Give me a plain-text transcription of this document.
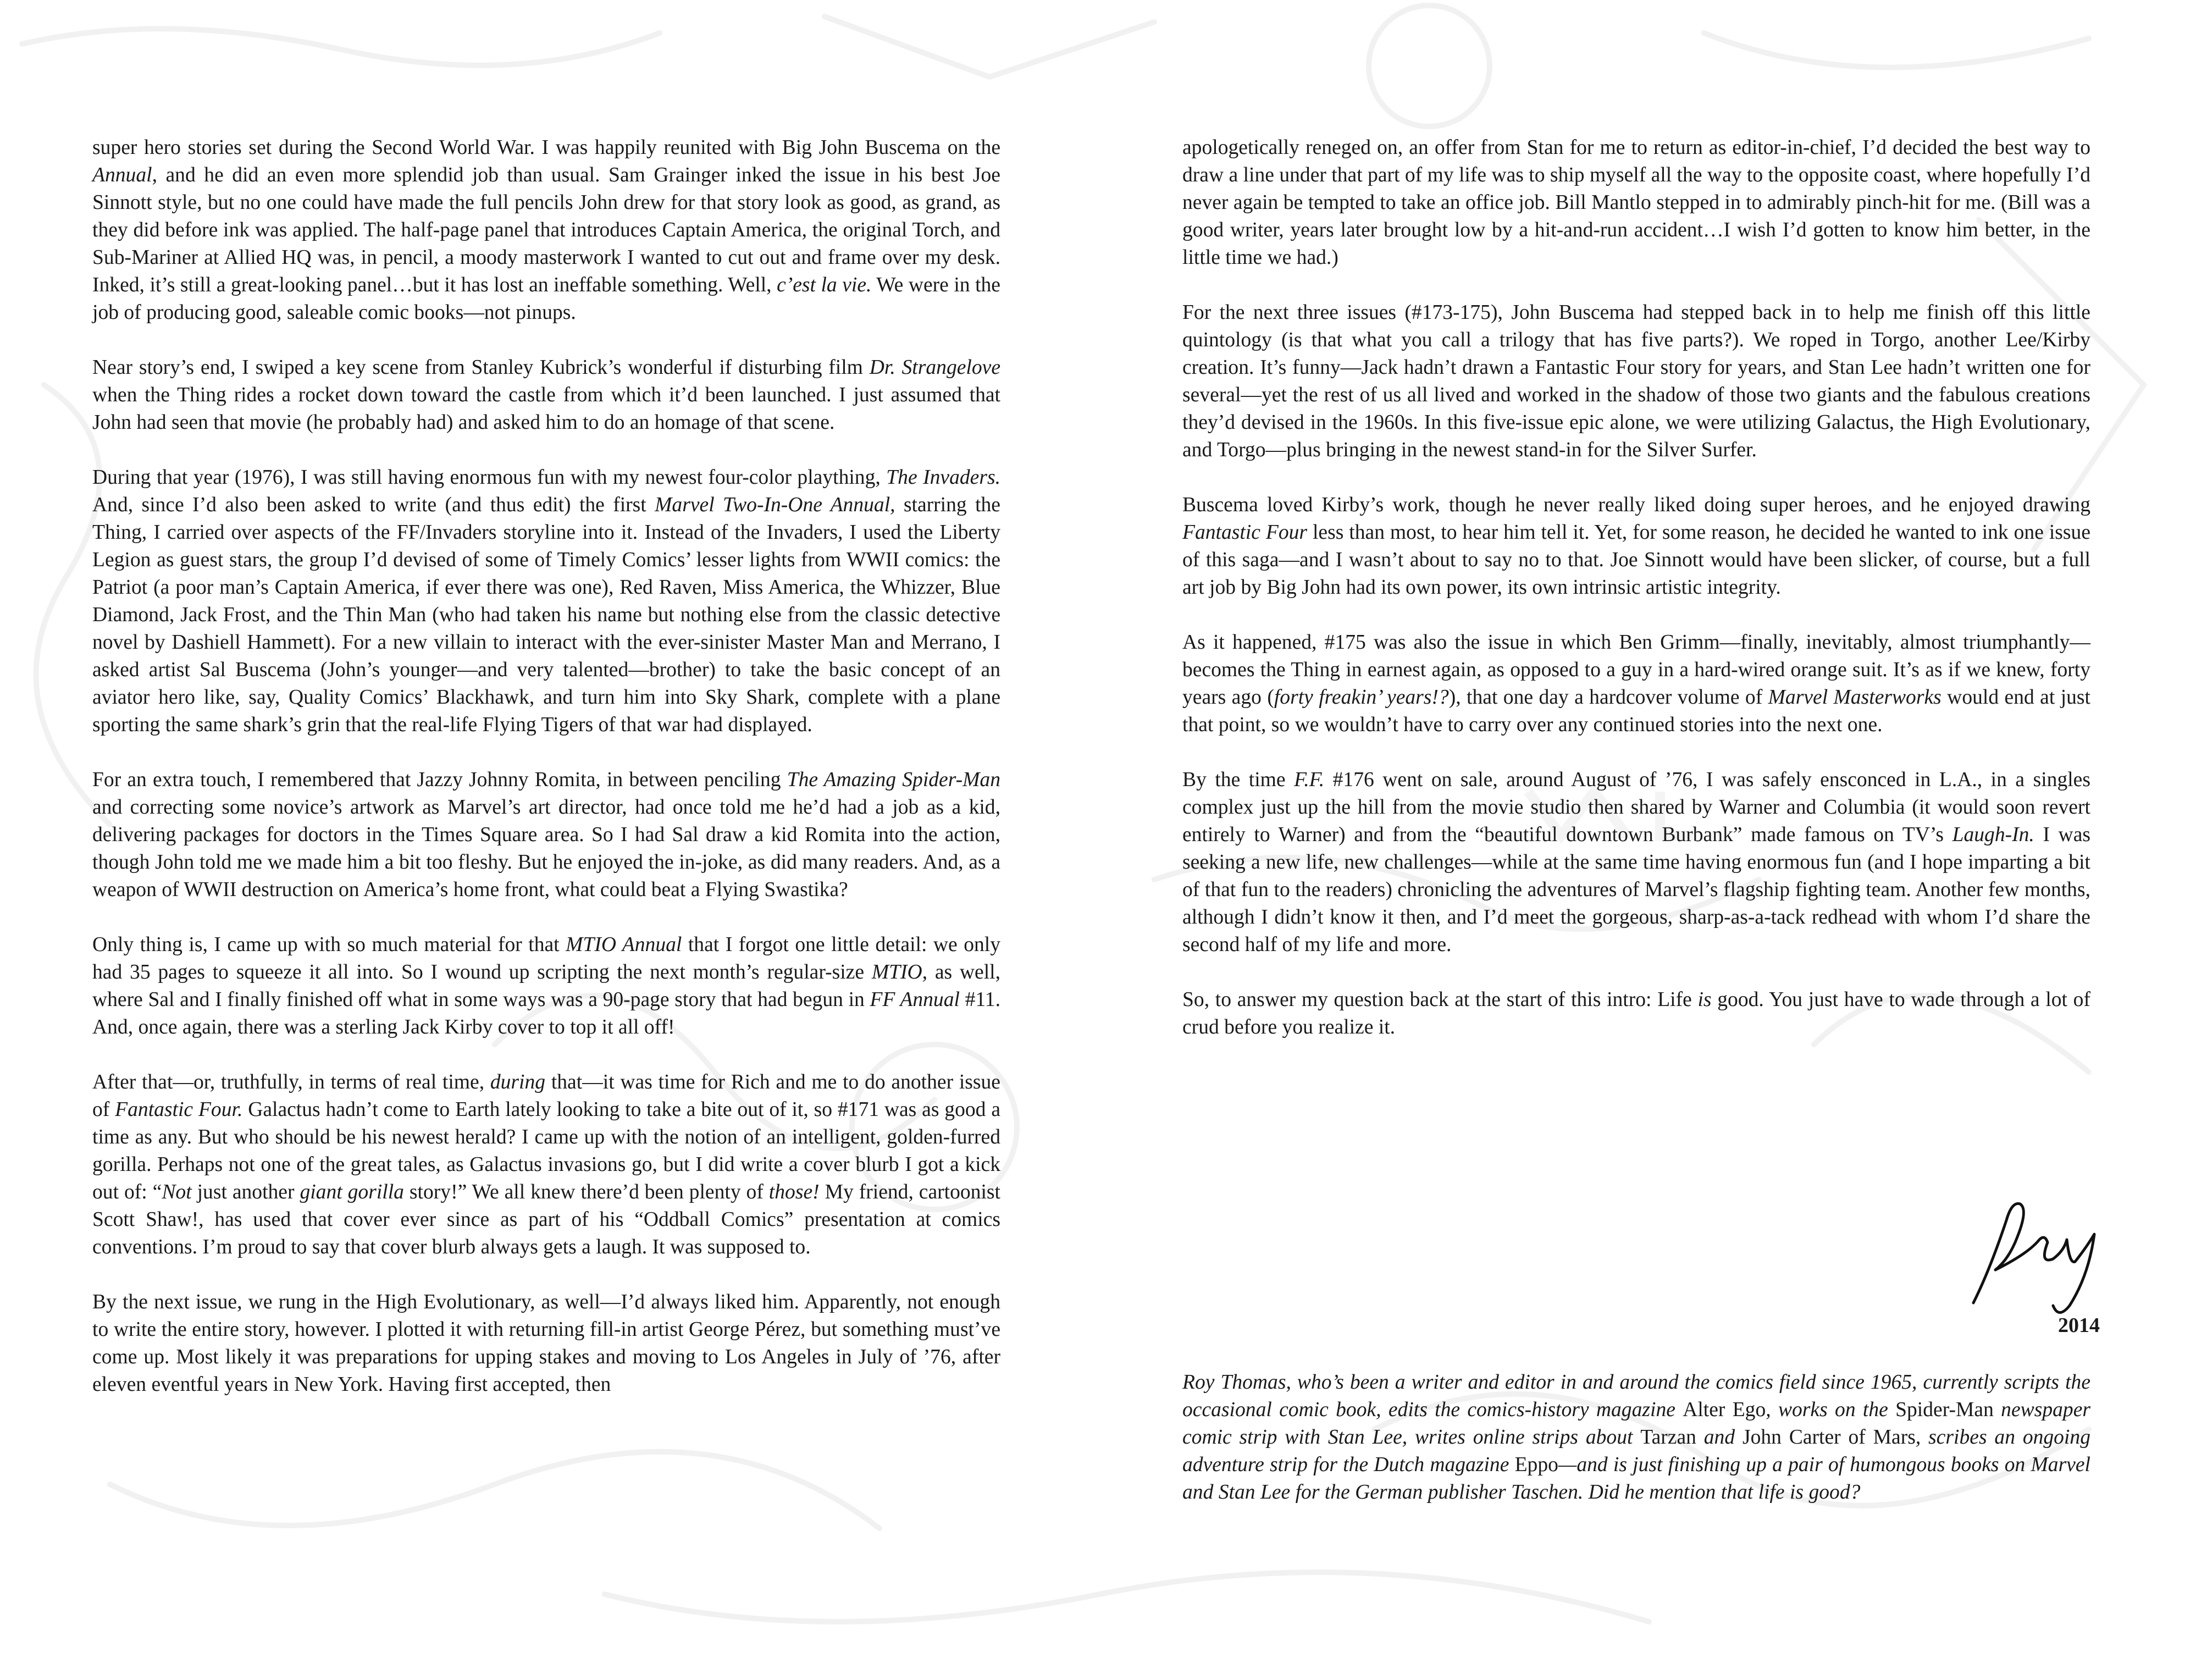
super hero stories set during the Second World War. I was happily reunited with Big John Buscema on the Annual, and he did an even more splendid job than usual. Sam Grainger inked the issue in his best Joe Sinnott style, but no one could have made the full pencils John drew for that story look as good, as grand, as they did before ink was applied. The half-page panel that introduces Captain America, the original Torch, and Sub-Mariner at Allied HQ was, in pencil, a moody masterwork I wanted to cut out and frame over my desk. Inked, it’s still a great-looking panel…but it has lost an ineffable something. Well, c’est la vie. We were in the job of producing good, saleable comic books—not pinups.

Near story’s end, I swiped a key scene from Stanley Kubrick’s wonderful if disturbing film Dr. Strangelove when the Thing rides a rocket down toward the castle from which it’d been launched. I just assumed that John had seen that movie (he probably had) and asked him to do an homage of that scene.

During that year (1976), I was still having enormous fun with my newest four-color plaything, The Invaders. And, since I’d also been asked to write (and thus edit) the first Marvel Two-In-One Annual, starring the Thing, I carried over aspects of the FF/Invaders storyline into it. Instead of the Invaders, I used the Liberty Legion as guest stars, the group I’d devised of some of Timely Comics’ lesser lights from WWII comics: the Patriot (a poor man’s Captain America, if ever there was one), Red Raven, Miss America, the Whizzer, Blue Diamond, Jack Frost, and the Thin Man (who had taken his name but nothing else from the classic detective novel by Dashiell Hammett). For a new villain to interact with the ever-sinister Master Man and Merrano, I asked artist Sal Buscema (John’s younger—and very talented—brother) to take the basic concept of an aviator hero like, say, Quality Comics’ Blackhawk, and turn him into Sky Shark, complete with a plane sporting the same shark’s grin that the real-life Flying Tigers of that war had displayed.

For an extra touch, I remembered that Jazzy Johnny Romita, in between penciling The Amazing Spider-Man and correcting some novice’s artwork as Marvel’s art director, had once told me he’d had a job as a kid, delivering packages for doctors in the Times Square area. So I had Sal draw a kid Romita into the action, though John told me we made him a bit too fleshy. But he enjoyed the in-joke, as did many readers. And, as a weapon of WWII destruction on America’s home front, what could beat a Flying Swastika?

Only thing is, I came up with so much material for that MTIO Annual that I forgot one little detail: we only had 35 pages to squeeze it all into. So I wound up scripting the next month’s regular-size MTIO, as well, where Sal and I finally finished off what in some ways was a 90-page story that had begun in FF Annual #11. And, once again, there was a sterling Jack Kirby cover to top it all off!

After that—or, truthfully, in terms of real time, during that—it was time for Rich and me to do another issue of Fantastic Four. Galactus hadn’t come to Earth lately looking to take a bite out of it, so #171 was as good a time as any. But who should be his newest herald? I came up with the notion of an intelligent, golden-furred gorilla. Perhaps not one of the great tales, as Galactus invasions go, but I did write a cover blurb I got a kick out of: “Not just another giant gorilla story!” We all knew there’d been plenty of those! My friend, cartoonist Scott Shaw!, has used that cover ever since as part of his “Oddball Comics” presentation at comics conventions. I’m proud to say that cover blurb always gets a laugh. It was supposed to.

By the next issue, we rung in the High Evolutionary, as well—I’d always liked him. Apparently, not enough to write the entire story, however. I plotted it with returning fill-in artist George Pérez, but something must’ve come up. Most likely it was preparations for upping stakes and moving to Los Angeles in July of ’76, after eleven eventful years in New York. Having first accepted, then

apologetically reneged on, an offer from Stan for me to return as editor-in-chief, I’d decided the best way to draw a line under that part of my life was to ship myself all the way to the opposite coast, where hopefully I’d never again be tempted to take an office job. Bill Mantlo stepped in to admirably pinch-hit for me. (Bill was a good writer, years later brought low by a hit-and-run accident…I wish I’d gotten to know him better, in the little time we had.)

For the next three issues (#173-175), John Buscema had stepped back in to help me finish off this little quintology (is that what you call a trilogy that has five parts?). We roped in Torgo, another Lee/Kirby creation. It’s funny—Jack hadn’t drawn a Fantastic Four story for years, and Stan Lee hadn’t written one for several—yet the rest of us all lived and worked in the shadow of those two giants and the fabulous creations they’d devised in the 1960s. In this five-issue epic alone, we were utilizing Galactus, the High Evolutionary, and Torgo—plus bringing in the newest stand-in for the Silver Surfer.

Buscema loved Kirby’s work, though he never really liked doing super heroes, and he enjoyed drawing Fantastic Four less than most, to hear him tell it. Yet, for some reason, he decided he wanted to ink one issue of this saga—and I wasn’t about to say no to that. Joe Sinnott would have been slicker, of course, but a full art job by Big John had its own power, its own intrinsic artistic integrity.

As it happened, #175 was also the issue in which Ben Grimm—finally, inevitably, almost triumphantly—becomes the Thing in earnest again, as opposed to a guy in a hard-wired orange suit. It’s as if we knew, forty years ago (forty freakin’ years!?), that one day a hardcover volume of Marvel Masterworks would end at just that point, so we wouldn’t have to carry over any continued stories into the next one.

By the time F.F. #176 went on sale, around August of ’76, I was safely ensconced in L.A., in a singles complex just up the hill from the movie studio then shared by Warner and Columbia (it would soon revert entirely to Warner) and from the “beautiful downtown Burbank” made famous on TV’s Laugh-In. I was seeking a new life, new challenges—while at the same time having enormous fun (and I hope imparting a bit of that fun to the readers) chronicling the adventures of Marvel’s flagship fighting team. Another few months, although I didn’t know it then, and I’d meet the gorgeous, sharp-as-a-tack redhead with whom I’d share the second half of my life and more.

So, to answer my question back at the start of this intro: Life is good. You just have to wade through a lot of crud before you realize it.

2014
Roy Thomas, who’s been a writer and editor in and around the comics field since 1965, currently scripts the occasional comic book, edits the comics-history magazine Alter Ego, works on the Spider-Man newspaper comic strip with Stan Lee, writes online strips about Tarzan and John Carter of Mars, scribes an ongoing adventure strip for the Dutch magazine Eppo—and is just finishing up a pair of humongous books on Marvel and Stan Lee for the German publisher Taschen. Did he mention that life is good?
